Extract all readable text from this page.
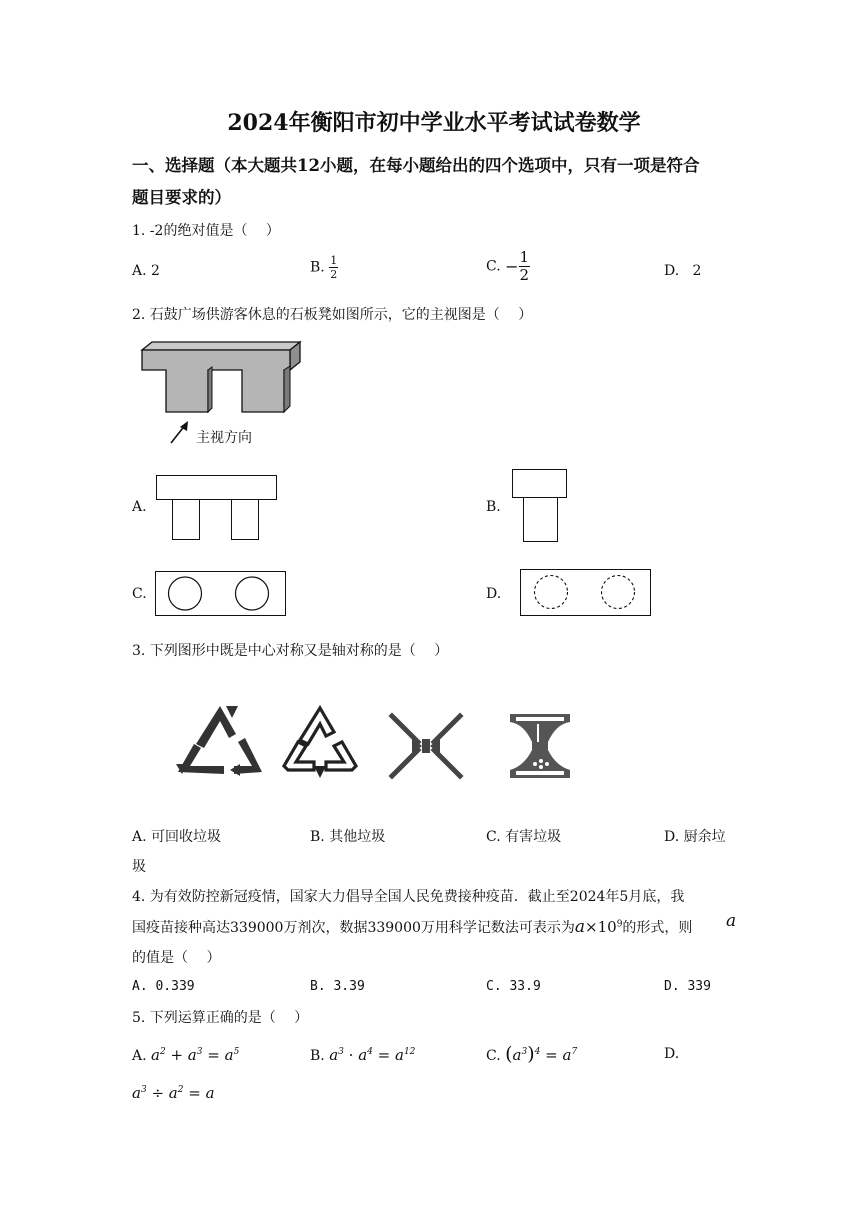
2024年衡阳市初中学业水平考试试卷数学
一、选择题（本大题共12小题，在每小题给出的四个选项中，只有一项是符合
题目要求的）
1. -2的绝对值是（　 ）
A. 2	B. $\frac{1}{2}$	C. − $\frac{1}{2}$	D.   2
2. 石鼓广场供游客休息的石板凳如图所示，它的主视图是（　 ）
主视方向
A.	B.
C.	D.
3. 下列图形中既是中心对称又是轴对称的是（　 ）
A. 可回收垃圾	B. 其他垃圾	C. 有害垃圾	D. 厨余垃
圾
4. 为有效防控新冠疫情，国家大力倡导全国人民免费接种疫苗．截止至2024年5月底，我
国疫苗接种高达339000万剂次，数据339000万用科学记数法可表示为$a\times 10^9$的形式，则 a
的值是（　 ）
A. 0.339	B. 3.39	C. 33.9	D. 339
5. 下列运算正确的是（　 ）
A. $a^2 + a^3 = a^5$	B. $a^3 \cdot a^4 = a^{12}$	C. $(a^3)^4 = a^7$	D.
$a^3 \div a^2 = a$
